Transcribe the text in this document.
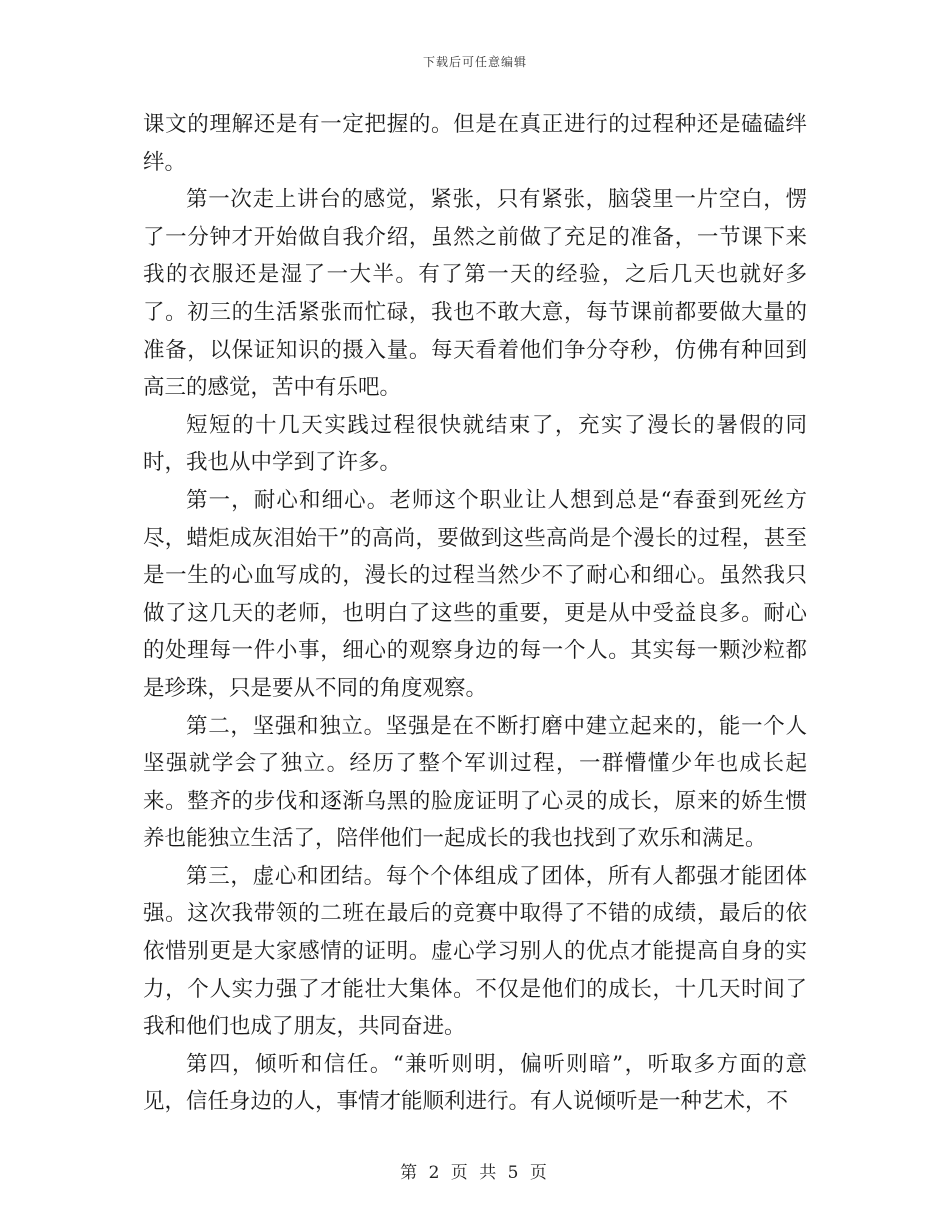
下载后可任意编辑

课文的理解还是有一定把握的。但是在真正进行的过程种还是磕磕绊绊。

第一次走上讲台的感觉，紧张，只有紧张，脑袋里一片空白，愣了一分钟才开始做自我介绍，虽然之前做了充足的准备，一节课下来我的衣服还是湿了一大半。有了第一天的经验，之后几天也就好多了。初三的生活紧张而忙碌，我也不敢大意，每节课前都要做大量的准备，以保证知识的摄入量。每天看着他们争分夺秒，仿佛有种回到高三的感觉，苦中有乐吧。

短短的十几天实践过程很快就结束了，充实了漫长的暑假的同时，我也从中学到了许多。

第一，耐心和细心。老师这个职业让人想到总是“春蚕到死丝方尽，蜡炬成灰泪始干”的高尚，要做到这些高尚是个漫长的过程，甚至是一生的心血写成的，漫长的过程当然少不了耐心和细心。虽然我只做了这几天的老师，也明白了这些的重要，更是从中受益良多。耐心的处理每一件小事，细心的观察身边的每一个人。其实每一颗沙粒都是珍珠，只是要从不同的角度观察。

第二，坚强和独立。坚强是在不断打磨中建立起来的，能一个人坚强就学会了独立。经历了整个军训过程，一群懵懂少年也成长起来。整齐的步伐和逐渐乌黑的脸庞证明了心灵的成长，原来的娇生惯养也能独立生活了，陪伴他们一起成长的我也找到了欢乐和满足。

第三，虚心和团结。每个个体组成了团体，所有人都强才能团体强。这次我带领的二班在最后的竞赛中取得了不错的成绩，最后的依依惜别更是大家感情的证明。虚心学习别人的优点才能提高自身的实力，个人实力强了才能壮大集体。不仅是他们的成长，十几天时间了我和他们也成了朋友，共同奋进。

第四，倾听和信任。“兼听则明，偏听则暗”，听取多方面的意见，信任身边的人，事情才能顺利进行。有人说倾听是一种艺术，不

第 2 页 共 5 页
